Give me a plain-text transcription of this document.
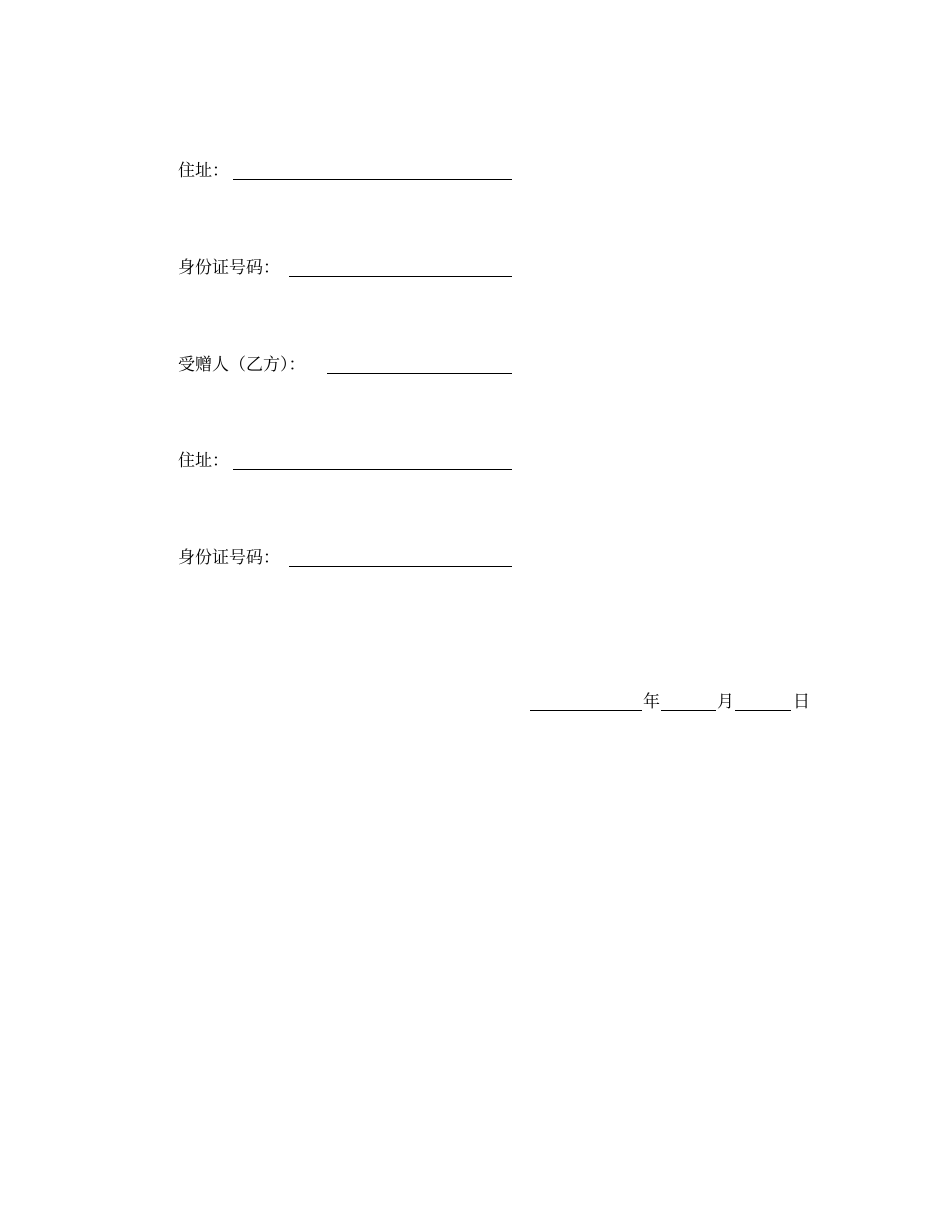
住址：
身份证号码：
受赠人（乙方）：
住址：
身份证号码：
年	月	日
